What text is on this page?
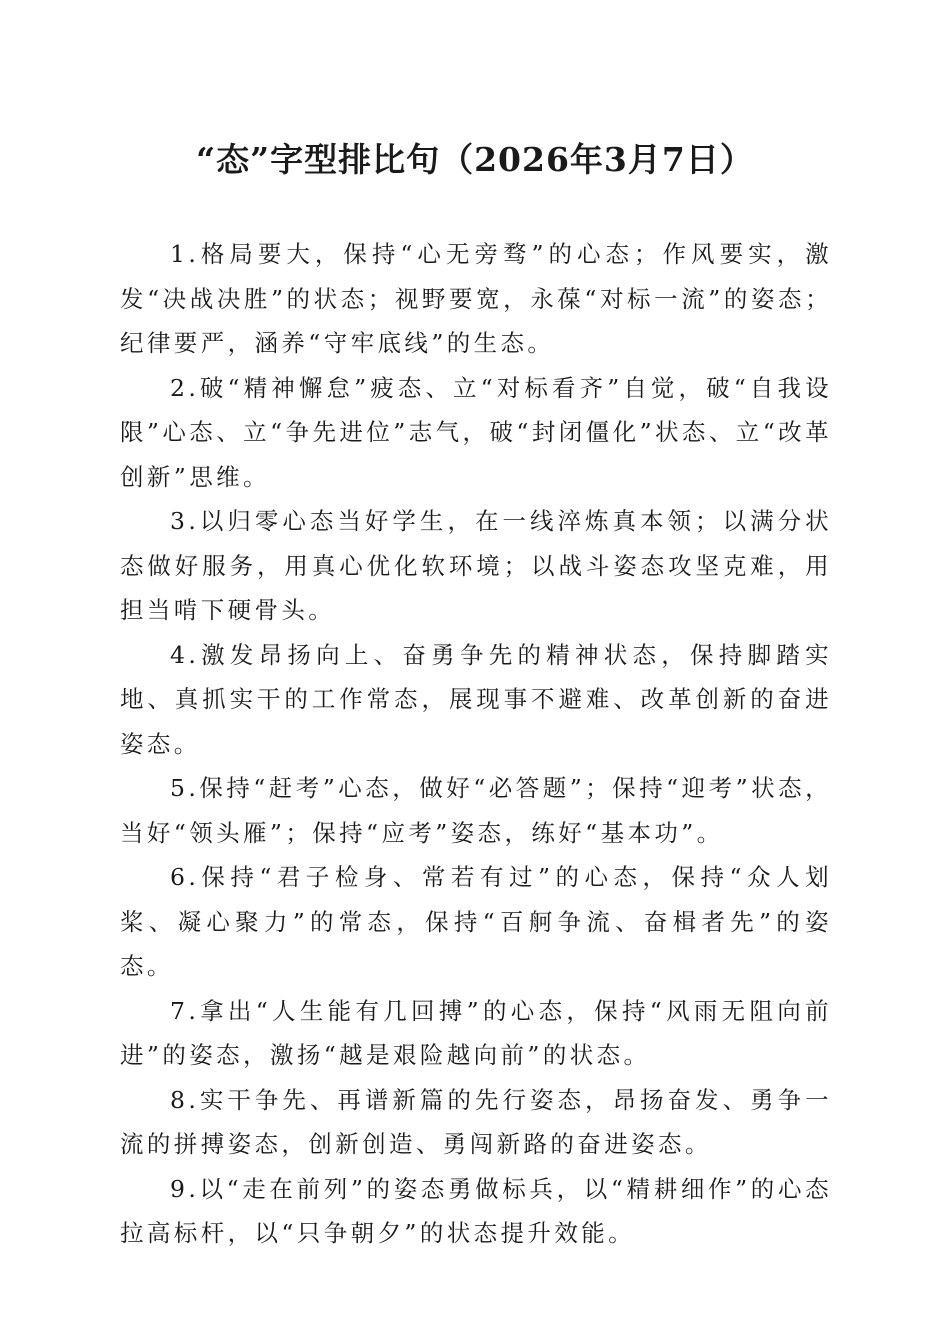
“态”字型排比句（2026年3月7日）

1.格局要大，保持“心无旁骛”的心态；作风要实，激发“决战决胜”的状态；视野要宽，永葆“对标一流”的姿态；纪律要严，涵养“守牢底线”的生态。

2.破“精神懈怠”疲态、立“对标看齐”自觉，破“自我设限”心态、立“争先进位”志气，破“封闭僵化”状态、立“改革创新”思维。

3.以归零心态当好学生，在一线淬炼真本领；以满分状态做好服务，用真心优化软环境；以战斗姿态攻坚克难，用担当啃下硬骨头。

4.激发昂扬向上、奋勇争先的精神状态，保持脚踏实地、真抓实干的工作常态，展现事不避难、改革创新的奋进姿态。

5.保持“赶考”心态，做好“必答题”；保持“迎考”状态，当好“领头雁”；保持“应考”姿态，练好“基本功”。

6.保持“君子检身、常若有过”的心态，保持“众人划桨、凝心聚力”的常态，保持“百舸争流、奋楫者先”的姿态。

7.拿出“人生能有几回搏”的心态，保持“风雨无阻向前进”的姿态，激扬“越是艰险越向前”的状态。

8.实干争先、再谱新篇的先行姿态，昂扬奋发、勇争一流的拼搏姿态，创新创造、勇闯新路的奋进姿态。

9.以“走在前列”的姿态勇做标兵，以“精耕细作”的心态拉高标杆，以“只争朝夕”的状态提升效能。
